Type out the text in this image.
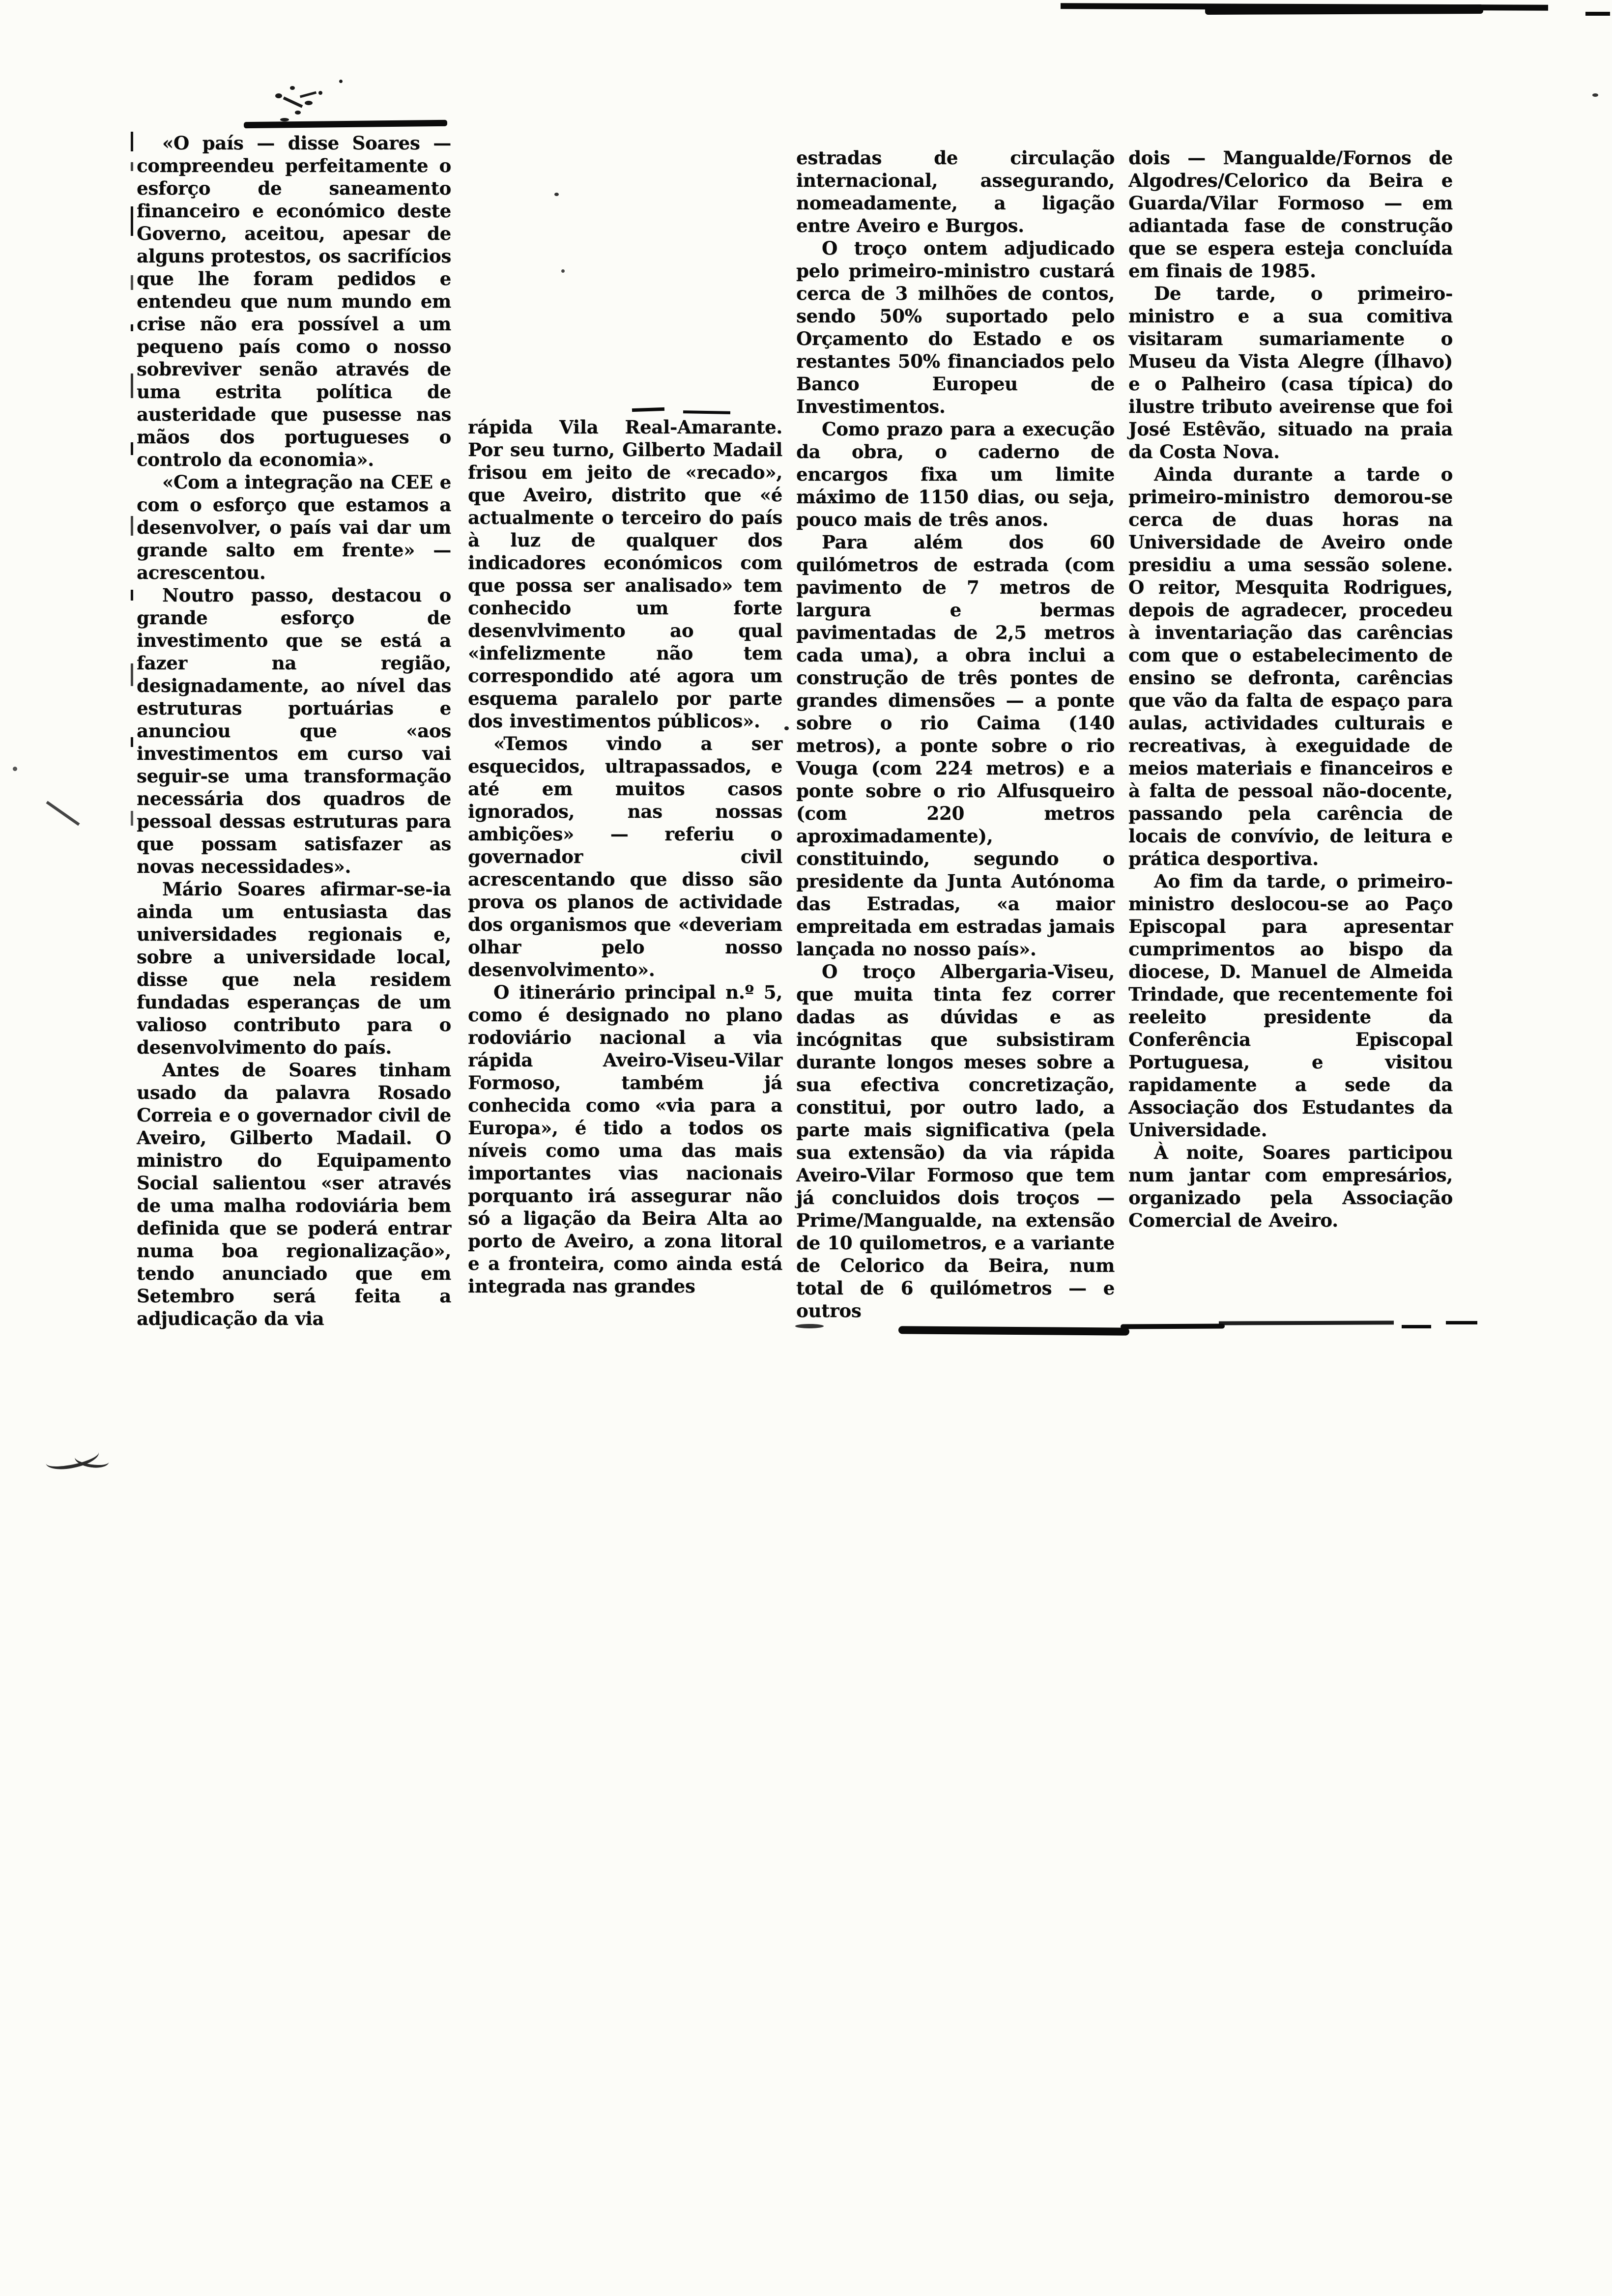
«O país — disse Soares — compreendeu perfeitamente o esforço de saneamento financeiro e económico deste Governo, aceitou, apesar de alguns protestos, os sacrifícios que lhe foram pedidos e entendeu que num mundo em crise não era possível a um pequeno país como o nosso sobreviver senão através de uma estrita política de austeridade que pusesse nas mãos dos portugueses o controlo da economia».

«Com a integração na CEE e com o esforço que estamos a desenvolver, o país vai dar um grande salto em frente» — acrescentou.

Noutro passo, destacou o grande esforço de investimento que se está a fazer na região, designadamente, ao nível das estruturas portuárias e anunciou que «aos investimentos em curso vai seguir-se uma transformação necessária dos quadros de pessoal dessas estruturas para que possam satisfazer as novas necessidades».

Mário Soares afirmar-se-ia ainda um entusiasta das universidades regionais e, sobre a universidade local, disse que nela residem fundadas esperanças de um valioso contributo para o desenvolvimento do país.

Antes de Soares tinham usado da palavra Rosado Correia e o governador civil de Aveiro, Gilberto Madail. O ministro do Equipamento Social salientou «ser através de uma malha rodoviária bem definida que se poderá entrar numa boa regionalização», tendo anunciado que em Setembro será feita a adjudicação da via

rápida Vila Real-Amarante. Por seu turno, Gilberto Madail frisou em jeito de «recado», que Aveiro, distrito que «é actualmente o terceiro do país à luz de qualquer dos indicadores económicos com que possa ser analisado» tem conhecido um forte desenvlvimento ao qual «infelizmente não tem correspondido até agora um esquema paralelo por parte dos investimentos públicos».

«Temos vindo a ser esquecidos, ultrapassados, e até em muitos casos ignorados, nas nossas ambições» — referiu o governador civil acrescentando que disso são prova os planos de actividade dos organismos que «deveriam olhar pelo nosso desenvolvimento».

O itinerário principal n.º 5, como é designado no plano rodoviário nacional a via rápida Aveiro-Viseu-Vilar Formoso, também já conhecida como «via para a Europa», é tido a todos os níveis como uma das mais importantes vias nacionais porquanto irá assegurar não só a ligação da Beira Alta ao porto de Aveiro, a zona litoral e a fronteira, como ainda está integrada nas grandes

estradas de circulação internacional, assegurando, nomeadamente, a ligação entre Aveiro e Burgos.

O troço ontem adjudicado pelo primeiro-ministro custará cerca de 3 milhões de contos, sendo 50% suportado pelo Orçamento do Estado e os restantes 50% financiados pelo Banco Europeu de Investimentos.

Como prazo para a execução da obra, o caderno de encargos fixa um limite máximo de 1150 dias, ou seja, pouco mais de três anos.

Para além dos 60 quilómetros de estrada (com pavimento de 7 metros de largura e bermas pavimentadas de 2,5 metros cada uma), a obra inclui a construção de três pontes de grandes dimensões — a ponte sobre o rio Caima (140 metros), a ponte sobre o rio Vouga (com 224 metros) e a ponte sobre o rio Alfusqueiro (com 220 metros aproximadamente), constituindo, segundo o presidente da Junta Autónoma das Estradas, «a maior empreitada em estradas jamais lançada no nosso país».

O troço Albergaria-Viseu, que muita tinta fez correr dadas as dúvidas e as incógnitas que subsistiram durante longos meses sobre a sua efectiva concretização, constitui, por outro lado, a parte mais significativa (pela sua extensão) da via rápida Aveiro-Vilar Formoso que tem já concluidos dois troços — Prime/Mangualde, na extensão de 10 quilometros, e a variante de Celorico da Beira, num total de 6 quilómetros — e outros

dois — Mangualde/Fornos de Algodres/Celorico da Beira e Guarda/Vilar Formoso — em adiantada fase de construção que se espera esteja concluída em finais de 1985.

De tarde, o primeiro-ministro e a sua comitiva visitaram sumariamente o Museu da Vista Alegre (Ílhavo) e o Palheiro (casa típica) do ilustre tributo aveirense que foi José Estêvão, situado na praia da Costa Nova.

Ainda durante a tarde o primeiro-ministro demorou-se cerca de duas horas na Universidade de Aveiro onde presidiu a uma sessão solene. O reitor, Mesquita Rodrigues, depois de agradecer, procedeu à inventariação das carências com que o estabelecimento de ensino se defronta, carências que vão da falta de espaço para aulas, actividades culturais e recreativas, à exeguidade de meios materiais e financeiros e à falta de pessoal não-docente, passando pela carência de locais de convívio, de leitura e prática desportiva.

Ao fim da tarde, o primeiro-ministro deslocou-se ao Paço Episcopal para apresentar cumprimentos ao bispo da diocese, D. Manuel de Almeida Trindade, que recentemente foi reeleito presidente da Conferência Episcopal Portuguesa, e visitou rapidamente a sede da Associação dos Estudantes da Universidade.

À noite, Soares participou num jantar com empresários, organizado pela Associação Comercial de Aveiro.
